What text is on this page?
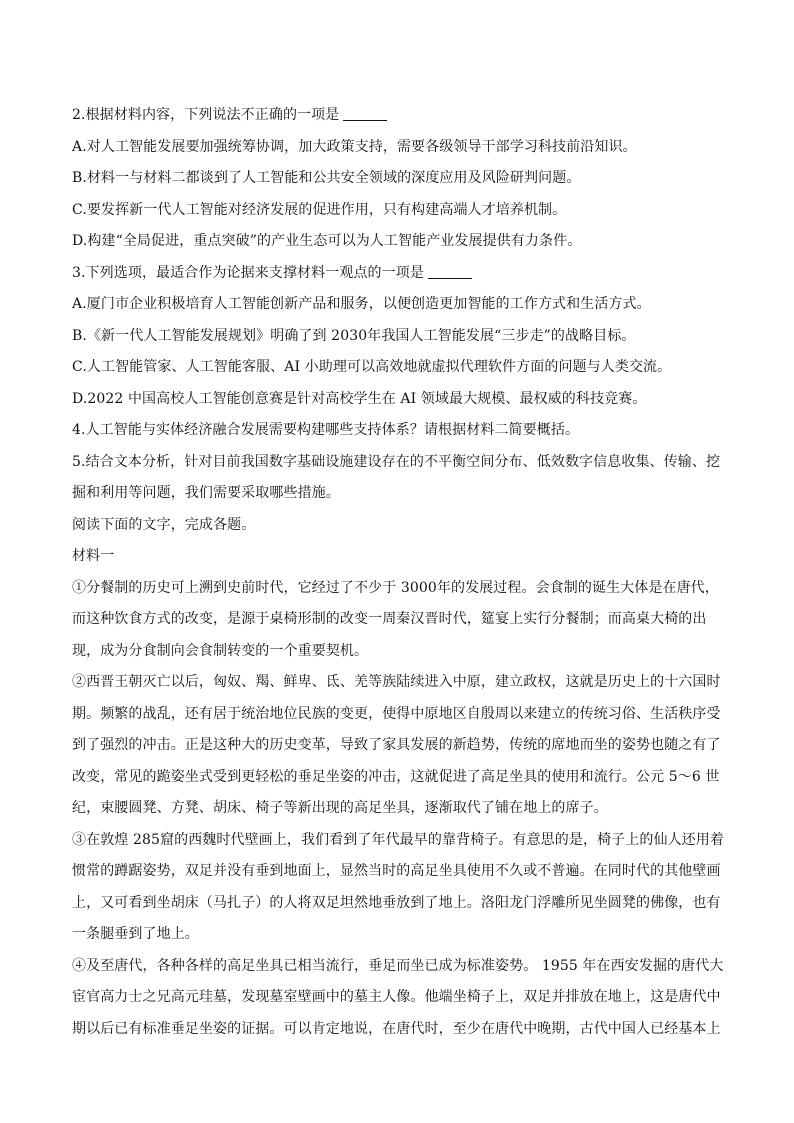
2.根据材料内容，下列说法不正确的一项是
A.对人工智能发展要加强统筹协调，加大政策支持，需要各级领导干部学习科技前沿知识。
B.材料一与材料二都谈到了人工智能和公共安全领域的深度应用及风险研判问题。
C.要发挥新一代人工智能对经济发展的促进作用，只有构建高端人才培养机制。
D.构建“全局促进，重点突破”的产业生态可以为人工智能产业发展提供有力条件。
3.下列选项，最适合作为论据来支撑材料一观点的一项是
A.厦门市企业积极培育人工智能创新产品和服务，以便创造更加智能的工作方式和生活方式。
B.《新一代人工智能发展规划》明确了到 2030年我国人工智能发展“三步走”的战略目标。
C.人工智能管家、人工智能客服、AI 小助理可以高效地就虚拟代理软件方面的问题与人类交流。
D.2022 中国高校人工智能创意赛是针对高校学生在 AI 领域最大规模、最权威的科技竞赛。
4.人工智能与实体经济融合发展需要构建哪些支持体系？请根据材料二简要概括。
5.结合文本分析，针对目前我国数字基础设施建设存在的不平衡空间分布、低效数字信息收集、传输、挖
掘和利用等问题，我们需要采取哪些措施。
阅读下面的文字，完成各题。
材料一
①分餐制的历史可上溯到史前时代，它经过了不少于 3000年的发展过程。会食制的诞生大体是在唐代，
而这种饮食方式的改变，是源于桌椅形制的改变一周秦汉晋时代，筵宴上实行分餐制；而高桌大椅的出
现，成为分食制向会食制转变的一个重要契机。
②西晋王朝灭亡以后，匈奴、羯、鲜卑、氐、羌等族陆续进入中原，建立政权，这就是历史上的十六国时
期。频繁的战乱，还有居于统治地位民族的变更，使得中原地区自殷周以来建立的传统习俗、生活秩序受
到了强烈的冲击。正是这种大的历史变革，导致了家具发展的新趋势，传统的席地而坐的姿势也随之有了
改变，常见的跪姿坐式受到更轻松的垂足坐姿的冲击，这就促进了高足坐具的使用和流行。公元 5～6 世
纪，束腰圆凳、方凳、胡床、椅子等新出现的高足坐具，逐渐取代了铺在地上的席子。
③在敦煌 285窟的西魏时代壁画上，我们看到了年代最早的靠背椅子。有意思的是，椅子上的仙人还用着
惯常的蹲踞姿势，双足并没有垂到地面上，显然当时的高足坐具使用不久或不普遍。在同时代的其他壁画
上，又可看到坐胡床（马扎子）的人将双足坦然地垂放到了地上。洛阳龙门浮雕所见坐圆凳的佛像，也有
一条腿垂到了地上。
④及至唐代，各种各样的高足坐具已相当流行，垂足而坐已成为标准姿势。 1955 年在西安发掘的唐代大
宦官高力士之兄高元珪墓，发现墓室壁画中的墓主人像。他端坐椅子上，双足并排放在地上，这是唐代中
期以后已有标准垂足坐姿的证据。可以肯定地说，在唐代时，至少在唐代中晚期，古代中国人已经基本上
